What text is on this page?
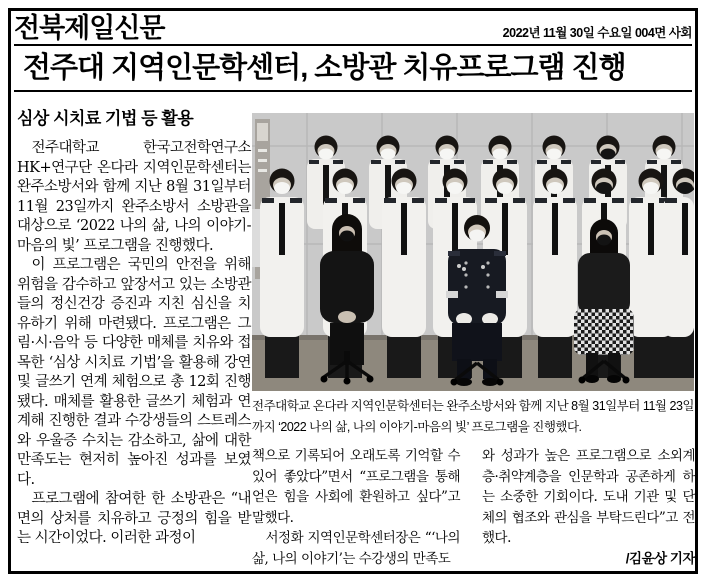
전북제일신문	2022년 11월 30일 수요일 004면 사회
전주대 지역인문학센터, 소방관 치유프로그램 진행
심상 시치료 기법 등 활용

전주대학교 한국고전학연구소 HK+연구단 온다라 지역인문학센터는 완주소방서와 함께 지난 8월 31일부터 11월 23일까지 완주소방서 소방관을 대상으로 ‘2022 나의 삶, 나의 이야기-마음의 빛’ 프로그램을 진행했다.

이 프로그램은 국민의 안전을 위해 위험을 감수하고 앞장서고 있는 소방관들의 정신건강 증진과 지친 심신을 치유하기 위해 마련됐다. 프로그램은 그림·시·음악 등 다양한 매체를 치유와 접목한 ‘심상 시치료 기법’을 활용해 강연 및 글쓰기 연계 체험으로 총 12회 진행됐다. 매체를 활용한 글쓰기 체험과 연계해 진행한 결과 수강생들의 스트레스와 우울증 수치는 감소하고, 삶에 대한 만족도는 현저히 높아진 성과를 보였다.

프로그램에 참여한 한 소방관은 “내면의 상처를 치유하고 긍정의 힘을 받는 시간이었다. 이러한 과정이

전주대학교 온다라 지역인문학센터는 완주소방서와 함께 지난 8월 31일부터 11월 23일까지 ‘2022 나의 삶, 나의 이야기-마음의 빛’ 프로그램을 진행했다.

책으로 기록되어 오래도록 기억할 수 있어 좋았다”면서 “프로그램을 통해 얻은 힘을 사회에 환원하고 싶다”고 말했다.

서정화 지역인문학센터장은 “‘나의 삶, 나의 이야기’는 수강생의 만족도

와 성과가 높은 프로그램으로 소외계층·취약계층을 인문학과 공존하게 하는 소중한 기회이다. 도내 기관 및 단체의 협조와 관심을 부탁드린다”고 전했다.

/김윤상 기자
